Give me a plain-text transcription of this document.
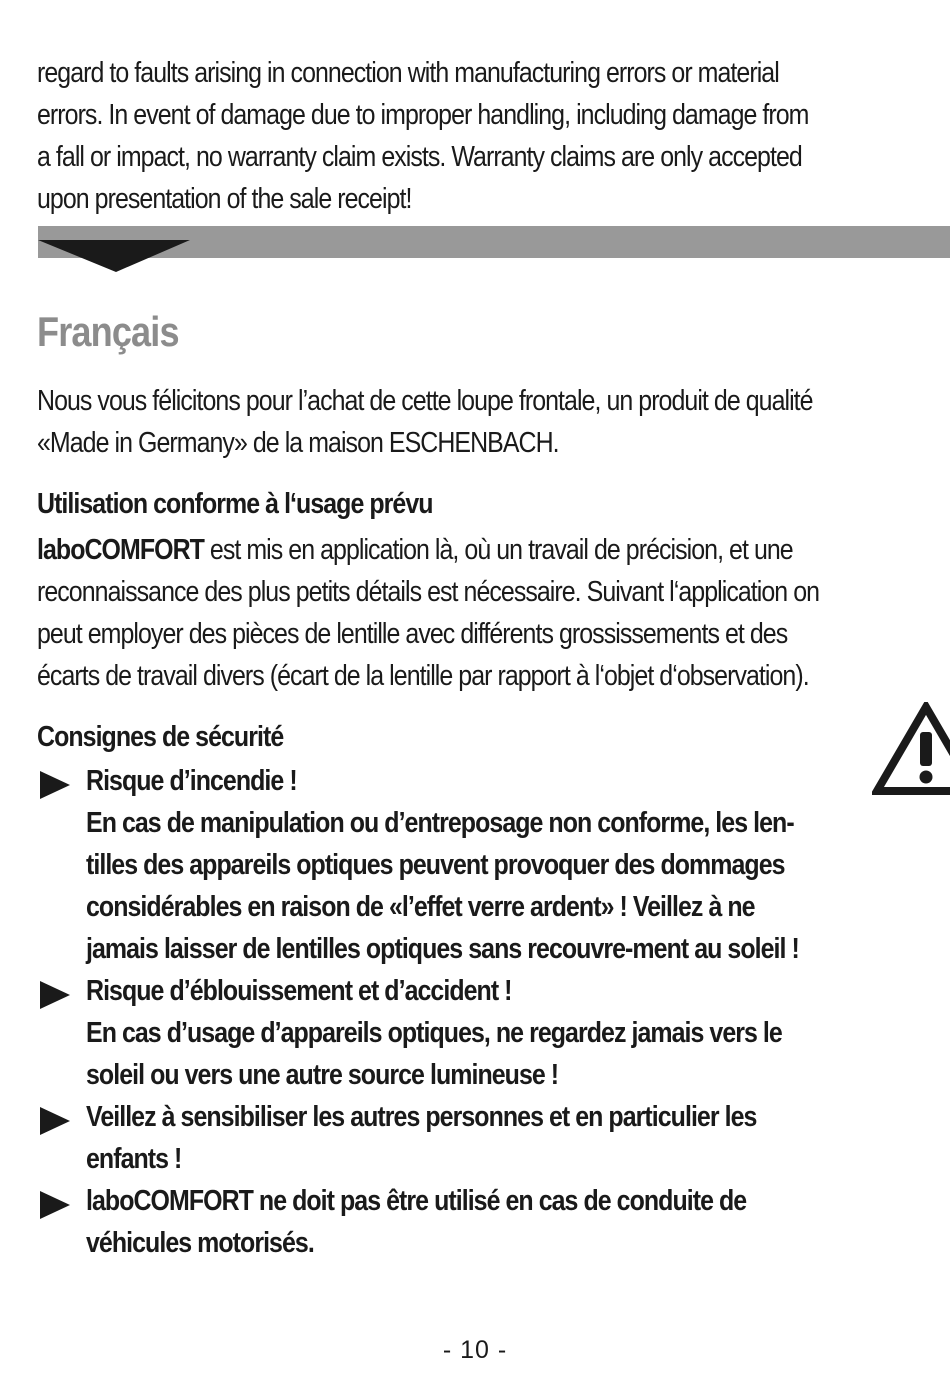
regard to faults arising in connection with manufacturing errors or material
errors. In event of damage due to improper handling, including damage from
a fall or impact, no warranty claim exists. Warranty claims are only accepted
upon presentation of the sale receipt!

Français

Nous vous félicitons pour l’achat de cette loupe frontale, un produit de qualité
«Made in Germany» de la maison ESCHENBACH.

Utilisation conforme à l‘usage prévu

laboCOMFORT est mis en application là, où un travail de précision, et une
reconnaissance des plus petits détails est nécessaire. Suivant l‘application on
peut employer des pièces de lentille avec différents grossissements et des
écarts de travail divers (écart de la lentille par rapport à l‘objet d‘observation).

Consignes de sécurité

Risque d’incendie !
En cas de manipulation ou d’entreposage non conforme, les len-
tilles des appareils optiques peuvent provoquer des dommages
considérables en raison de «l’effet verre ardent» ! Veillez à ne
jamais laisser de lentilles optiques sans recouvre-ment au soleil !

Risque d’éblouissement et d’accident !
En cas d’usage d’appareils optiques, ne regardez jamais vers le
soleil ou vers une autre source lumineuse !

Veillez à sensibiliser les autres personnes et en particulier les
enfants !

laboCOMFORT ne doit pas être utilisé en cas de conduite de
véhicules motorisés.

- 10 -
